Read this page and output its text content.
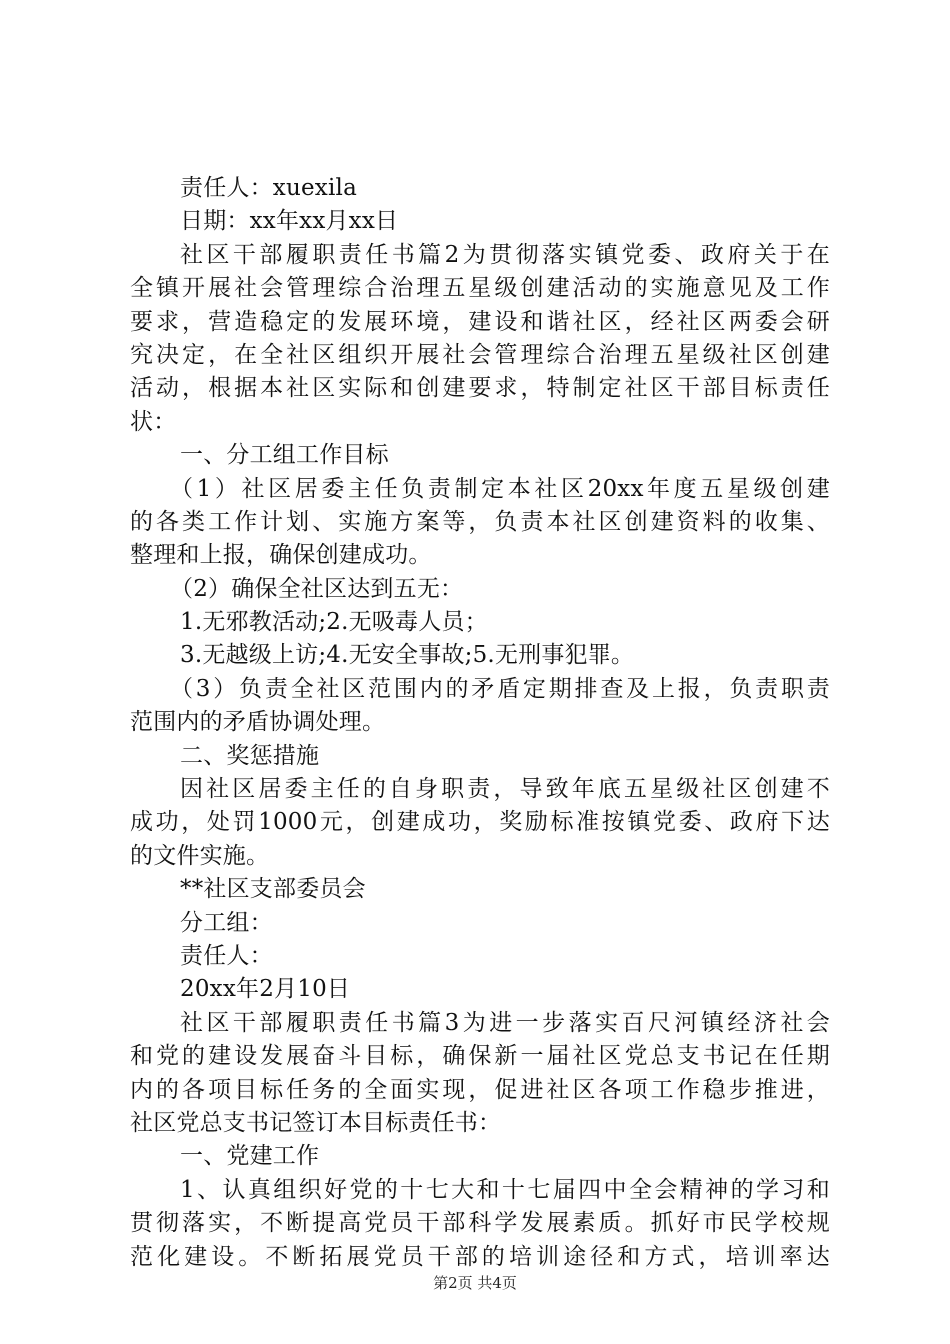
责任人：xuexila
日期：xx年xx月xx日
社区干部履职责任书篇2为贯彻落实镇党委、政府关于在
全镇开展社会管理综合治理五星级创建活动的实施意见及工作
要求，营造稳定的发展环境，建设和谐社区，经社区两委会研
究决定，在全社区组织开展社会管理综合治理五星级社区创建
活动，根据本社区实际和创建要求，特制定社区干部目标责任
状：
一、分工组工作目标
（1）社区居委主任负责制定本社区20xx年度五星级创建
的各类工作计划、实施方案等，负责本社区创建资料的收集、
整理和上报，确保创建成功。
（2）确保全社区达到五无：
1.无邪教活动;2.无吸毒人员；
3.无越级上访;4.无安全事故;5.无刑事犯罪。
（3）负责全社区范围内的矛盾定期排查及上报，负责职责
范围内的矛盾协调处理。
二、奖惩措施
因社区居委主任的自身职责，导致年底五星级社区创建不
成功，处罚1000元，创建成功，奖励标准按镇党委、政府下达
的文件实施。
**社区支部委员会
分工组：
责任人：
20xx年2月10日
社区干部履职责任书篇3为进一步落实百尺河镇经济社会
和党的建设发展奋斗目标，确保新一届社区党总支书记在任期
内的各项目标任务的全面实现，促进社区各项工作稳步推进，
社区党总支书记签订本目标责任书：
一、党建工作
1、认真组织好党的十七大和十七届四中全会精神的学习和
贯彻落实，不断提高党员干部科学发展素质。抓好市民学校规
范化建设。不断拓展党员干部的培训途径和方式，培训率达
第2页 共4页
